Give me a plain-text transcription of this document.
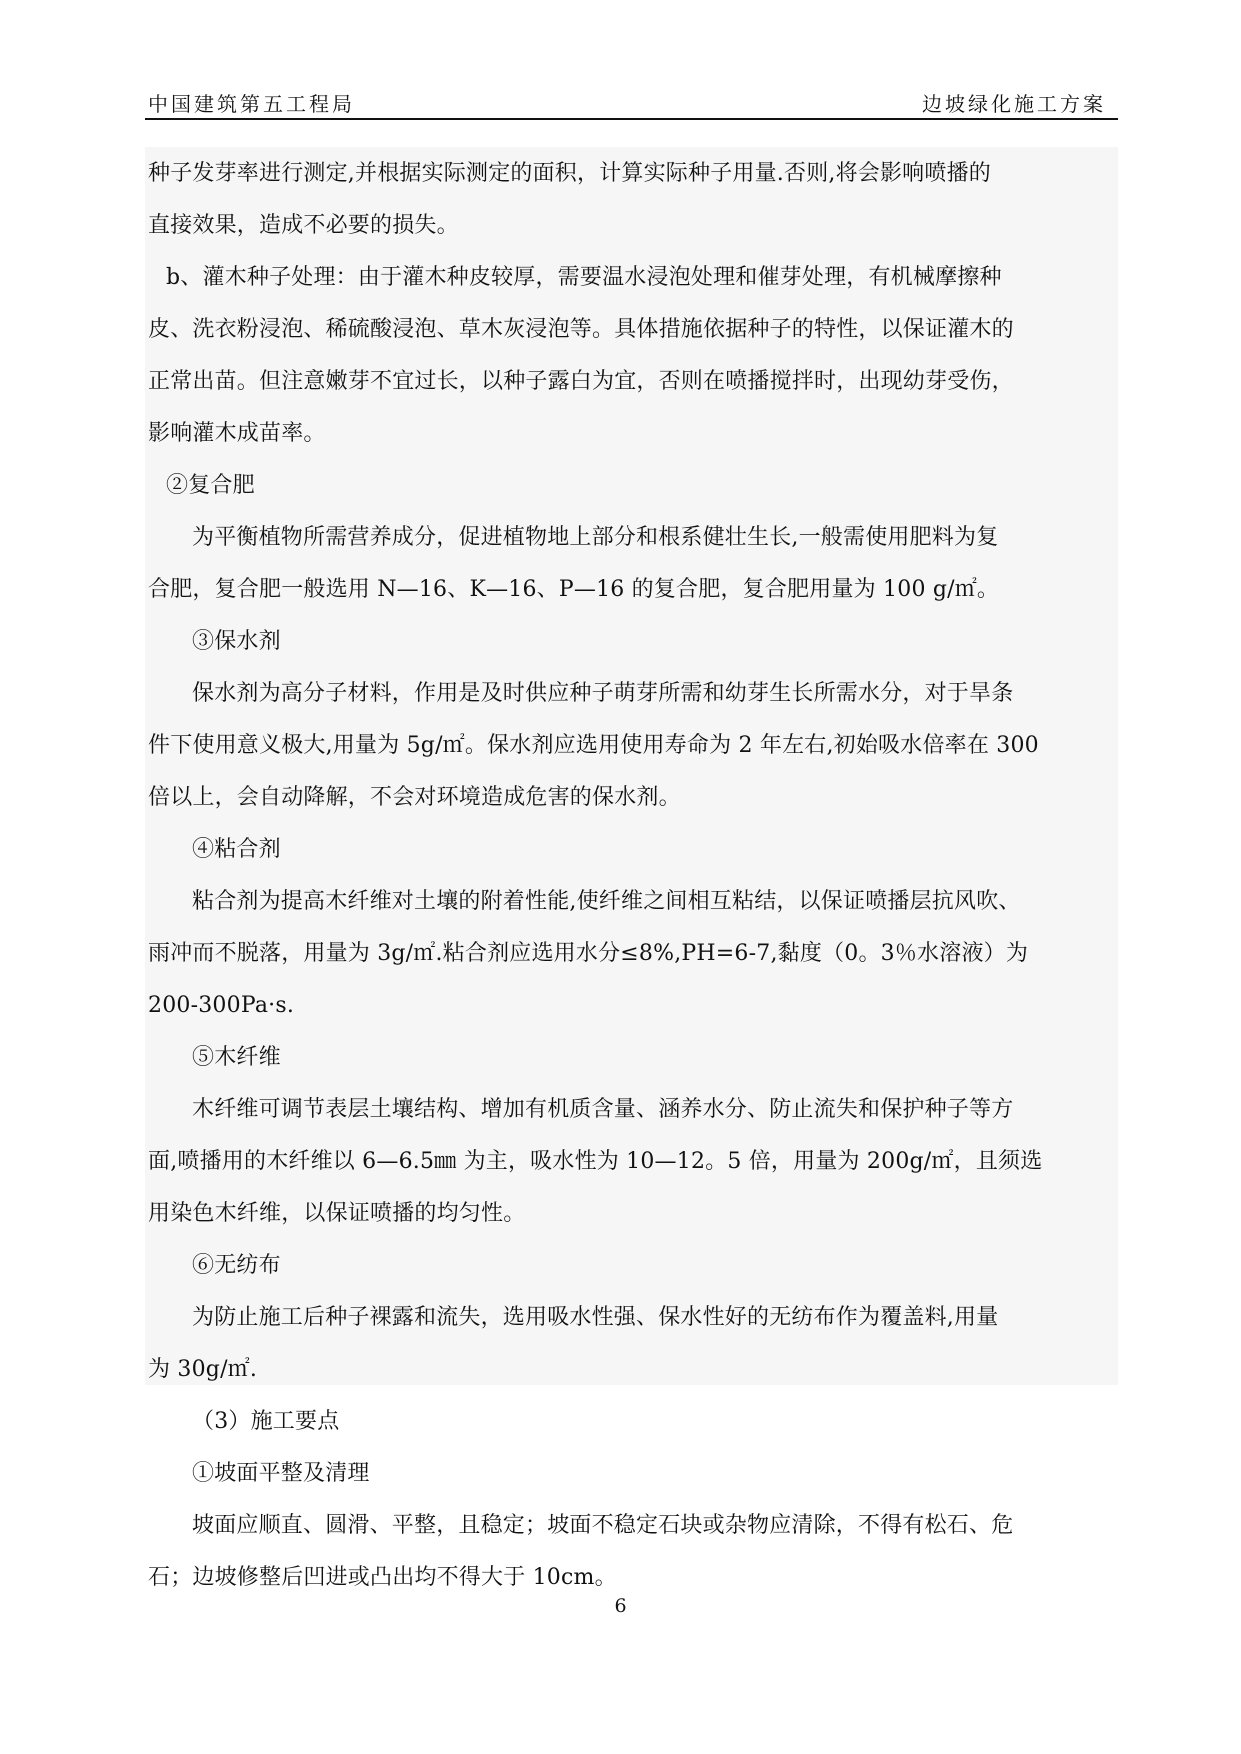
中国建筑第五工程局	边坡绿化施工方案

种子发芽率进行测定,并根据实际测定的面积，计算实际种子用量.否则,将会影响喷播的

直接效果，造成不必要的损失。

b、灌木种子处理：由于灌木种皮较厚，需要温水浸泡处理和催芽处理，有机械摩擦种

皮、洗衣粉浸泡、稀硫酸浸泡、草木灰浸泡等。具体措施依据种子的特性，以保证灌木的

正常出苗。但注意嫩芽不宜过长，以种子露白为宜，否则在喷播搅拌时，出现幼芽受伤，

影响灌木成苗率。

②复合肥

为平衡植物所需营养成分，促进植物地上部分和根系健壮生长,一般需使用肥料为复

合肥，复合肥一般选用 N—16、K—16、P—16 的复合肥，复合肥用量为 100 g/㎡。

③保水剂

保水剂为高分子材料，作用是及时供应种子萌芽所需和幼芽生长所需水分，对于旱条

件下使用意义极大,用量为 5g/㎡。保水剂应选用使用寿命为 2 年左右,初始吸水倍率在 300

倍以上，会自动降解，不会对环境造成危害的保水剂。

④粘合剂

粘合剂为提高木纤维对土壤的附着性能,使纤维之间相互粘结，以保证喷播层抗风吹、

雨冲而不脱落，用量为 3g/㎡.粘合剂应选用水分≤8%,PH=6-7,黏度（0。3％水溶液）为

200-300Pa·s.

⑤木纤维

木纤维可调节表层土壤结构、增加有机质含量、涵养水分、防止流失和保护种子等方

面,喷播用的木纤维以 6—6.5㎜ 为主，吸水性为 10—12。5 倍，用量为 200g/㎡，且须选

用染色木纤维，以保证喷播的均匀性。

⑥无纺布

为防止施工后种子裸露和流失，选用吸水性强、保水性好的无纺布作为覆盖料,用量

为 30g/㎡.

（3）施工要点

①坡面平整及清理

坡面应顺直、圆滑、平整，且稳定；坡面不稳定石块或杂物应清除，不得有松石、危

石；边坡修整后凹进或凸出均不得大于 10cm。

6
